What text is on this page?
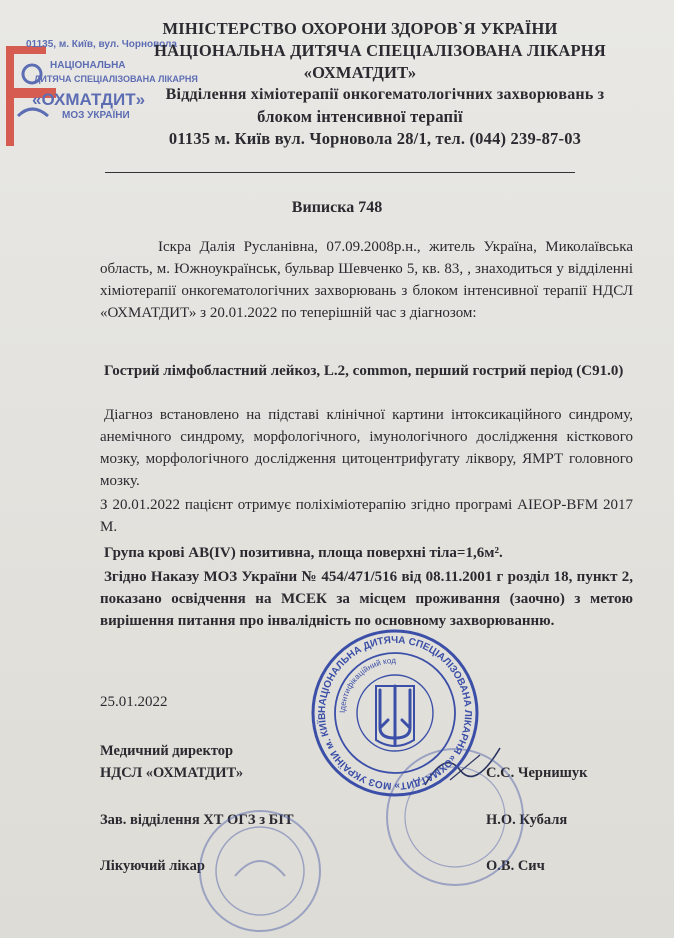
01135, м. Київ, вул. Чорновола
НАЦІОНАЛЬНА
ДИТЯЧА СПЕЦІАЛІЗОВАНА ЛІКАРНЯ
«ОХМАТДИТ»
МОЗ УКРАЇНИ
МІНІСТЕРСТВО ОХОРОНИ ЗДОРОВ`Я УКРАЇНИ
НАЦІОНАЛЬНА ДИТЯЧА СПЕЦІАЛІЗОВАНА ЛІКАРНЯ
«ОХМАТДИТ»
Відділення хіміотерапії онкогематологічних захворювань з
блоком інтенсивної терапії
01135 м. Київ вул. Чорновола 28/1, тел. (044) 239-87-03
Виписка 748
Іскра Далія Русланівна, 07.09.2008р.н., житель Україна, Миколаївська область, м. Южноукраїнськ, бульвар Шевченко 5, кв. 83, , знаходиться у відділенні хіміотерапії онкогематологічних захворювань з блоком інтенсивної терапії НДСЛ «ОХМАТДИТ» з 20.01.2022 по теперішній час з діагнозом:
Гострий лімфобластний лейкоз, L.2, common, перший гострий період (C91.0)
Діагноз встановлено на підставі клінічної картини інтоксикаційного синдрому, анемічного синдрому, морфологічного, імунологічного дослідження кісткового мозку, морфологічного дослідження цитоцентрифугату ліквору, ЯМРТ головного мозку.
З 20.01.2022 пацієнт отримує поліхіміотерапію згідно програмі AIEOP-BFM 2017 М.
Група крові АВ(IV) позитивна, площа поверхні тіла=1,6м².
Згідно Наказу МОЗ України № 454/471/516 від 08.11.2001 г розділ 18, пункт 2, показано освідчення на МСЕК за місцем проживання (заочно) з метою вирішення питання про інвалідність по основному захворюванню.
25.01.2022
Медичний директор
НДСЛ «ОХМАТДИТ»	С.С. Чернишук
Зав. відділення ХТ ОГЗ з БІТ	Н.О. Кубаля
Лікуючий лікар	О.В. Сич
НАЦІОНАЛЬНА ДИТЯЧА СПЕЦІАЛІЗОВАНА ЛІКАРНЯ «ОХМАТДИТ» МОЗ УКРАЇНИ м. КИЇВ
Ідентифікаційний код
